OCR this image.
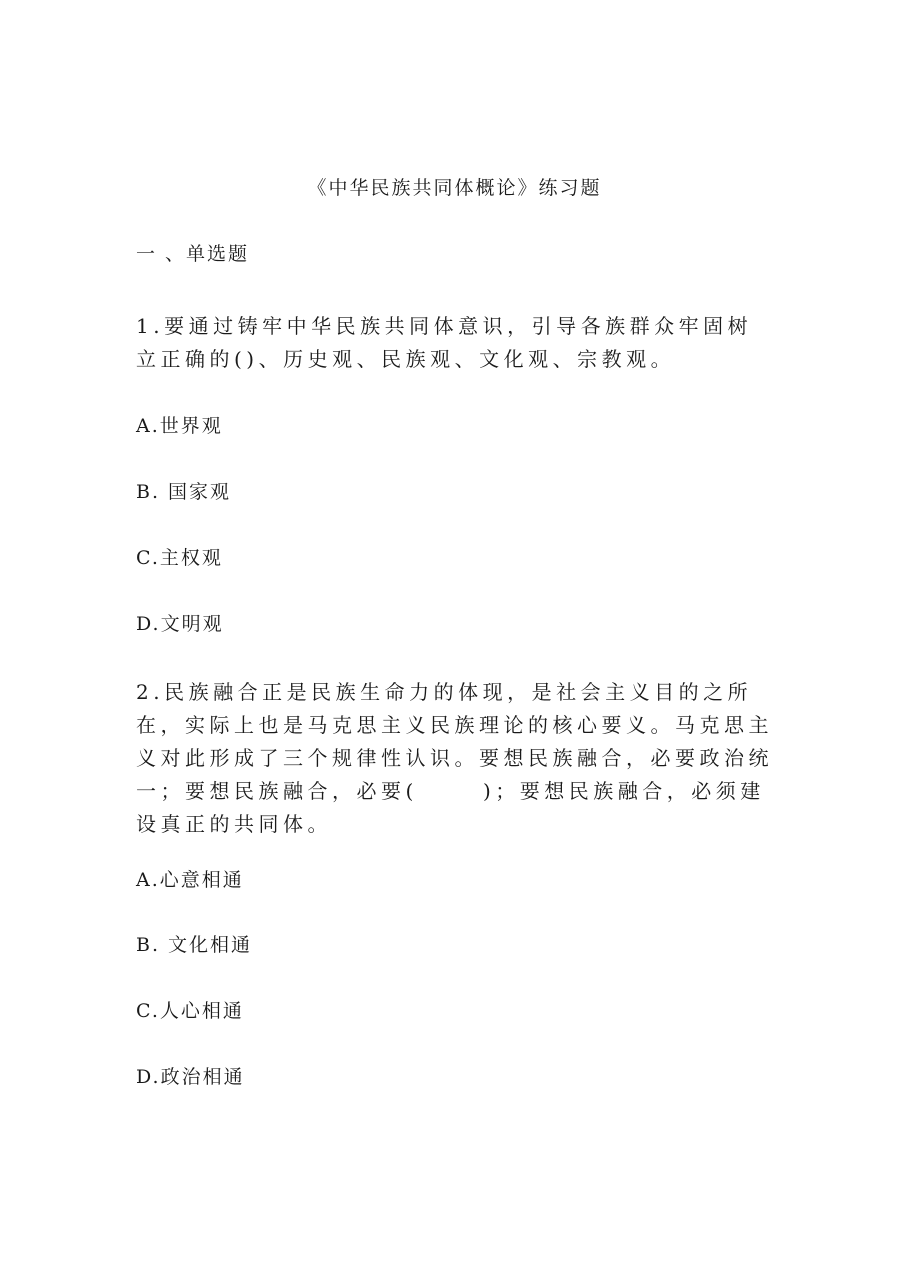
《中华民族共同体概论》练习题
一 、单选题
1.要通过铸牢中华民族共同体意识，引导各族群众牢固树立正确的()、历史观、民族观、文化观、宗教观。
A.世界观
B. 国家观
C.主权观
D.文明观
2.民族融合正是民族生命力的体现，是社会主义目的之所在，实际上也是马克思主义民族理论的核心要义。马克思主义对此形成了三个规律性认识。要想民族融合，必要政治统一；要想民族融合，必要(      )；要想民族融合，必须建设真正的共同体。
A.心意相通
B. 文化相通
C.人心相通
D.政治相通
